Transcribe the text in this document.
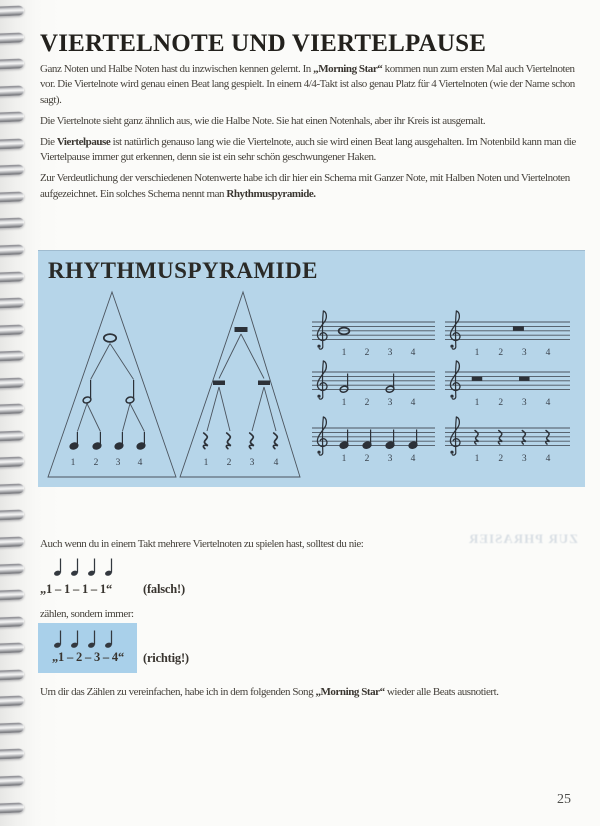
VIERTELNOTE UND VIERTELPAUSE

Ganz Noten und Halbe Noten hast du inzwischen kennen gelernt. In „Morning Star“ kommen nun zum ersten Mal auch Viertelnoten vor. Die Viertelnote wird genau einen Beat lang gespielt. In einem 4/4-Takt ist also genau Platz für 4 Viertelnoten (wie der Name schon sagt).

Die Viertelnote sieht ganz ähnlich aus, wie die Halbe Note. Sie hat einen Notenhals, aber ihr Kreis ist ausgemalt.

Die Viertelpause ist natürlich genauso lang wie die Viertelnote, auch sie wird einen Beat lang ausgehalten. Im Notenbild kann man die Viertelpause immer gut erkennen, denn sie ist ein sehr schön geschwungener Haken.

Zur Verdeutlichung der verschiedenen Notenwerte habe ich dir hier ein Schema mit Ganzer Note, mit Halben Noten und Viertelnoten aufgezeichnet. Ein solches Schema nennt man Rhythmuspyramide.

RHYTHMUSPYRAMIDE
1 2 3 4	1 2 3 4
1 2 3 4	1 2 3 4
1 2 3 4	1 2 3 4
1 2 3 4	1 2 3 4
Auch wenn du in einem Takt mehrere Viertelnoten zu spielen hast, solltest du nie:
„1 – 1 – 1 – 1“ (falsch!)
zählen, sondern immer:
„1 – 2 – 3 – 4“ (richtig!)
Um dir das Zählen zu vereinfachen, habe ich in dem folgenden Song „Morning Star“ wieder alle Beats ausnotiert.
ZUR PHRASIER
25
